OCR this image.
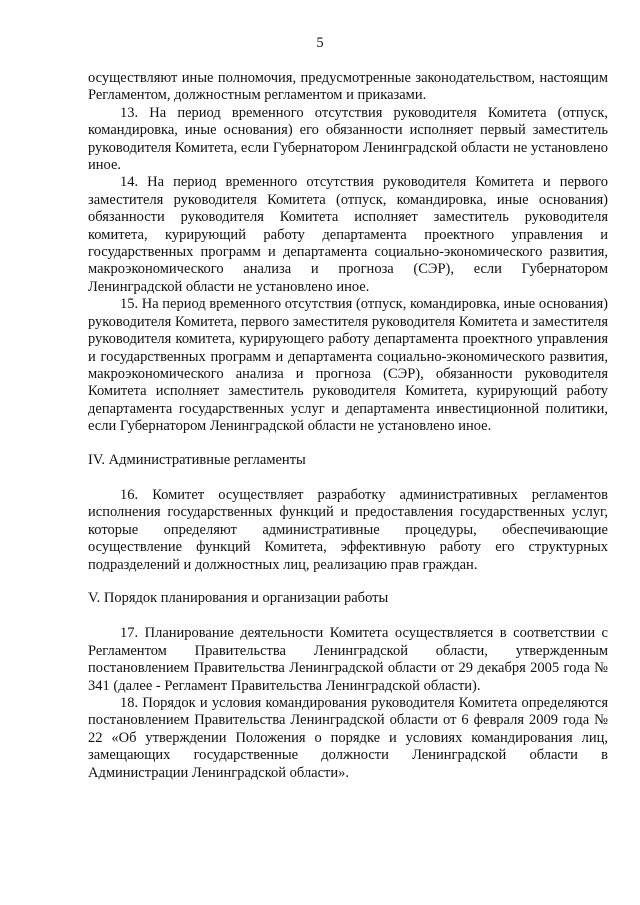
5
осуществляют иные полномочия, предусмотренные законодательством, настоящим Регламентом, должностным регламентом и приказами.
13. На период временного отсутствия руководителя Комитета (отпуск, командировка, иные основания) его обязанности исполняет первый заместитель руководителя Комитета, если Губернатором Ленинградской области не установлено иное.
14. На период временного отсутствия руководителя Комитета и первого заместителя руководителя Комитета (отпуск, командировка, иные основания) обязанности руководителя Комитета исполняет заместитель руководителя комитета, курирующий работу департамента проектного управления и государственных программ и департамента социально-экономического развития, макроэкономического анализа и прогноза (СЭР), если Губернатором Ленинградской области не установлено иное.
15. На период временного отсутствия (отпуск, командировка, иные основания) руководителя Комитета, первого заместителя руководителя Комитета и заместителя руководителя комитета, курирующего работу департамента проектного управления и государственных программ и департамента социально-экономического развития, макроэкономического анализа и прогноза (СЭР), обязанности руководителя Комитета исполняет заместитель руководителя Комитета, курирующий работу департамента государственных услуг и департамента инвестиционной политики, если Губернатором Ленинградской области не установлено иное.
IV. Административные регламенты
16. Комитет осуществляет разработку административных регламентов исполнения государственных функций и предоставления государственных услуг, которые определяют административные процедуры, обеспечивающие осуществление функций Комитета, эффективную работу его структурных подразделений и должностных лиц, реализацию прав граждан.
V. Порядок планирования и организации работы
17. Планирование деятельности Комитета осуществляется в соответствии с Регламентом Правительства Ленинградской области, утвержденным постановлением Правительства Ленинградской области от 29 декабря 2005 года № 341 (далее - Регламент Правительства Ленинградской области).
18. Порядок и условия командирования руководителя Комитета определяются постановлением Правительства Ленинградской области от 6 февраля 2009 года № 22 «Об утверждении Положения о порядке и условиях командирования лиц, замещающих государственные должности Ленинградской области в Администрации Ленинградской области».
